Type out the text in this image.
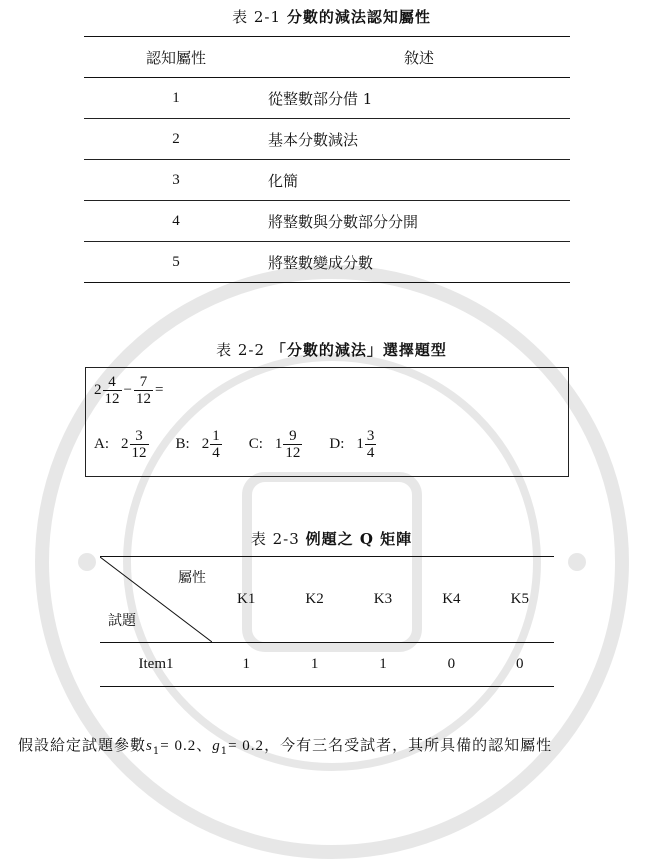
表 2-1 分數的減法認知屬性
認知屬性	敘述
1	從整數部分借 1
2	基本分數減法
3	化簡
4	將整數與分數部分分開
5	將整數變成分數
表 2-2 「分數的減法」選擇題型
$2 \frac{4}{12} - \frac{7}{12}$ =
A: $2 \frac{3}{12} B$: $2 \frac{1}{4} C$: $1 \frac{9}{12} D$: $1 \frac{3}{4}$
表 2-3 例題之 Q 矩陣
屬性
試題	K1	K2	K3	K4	K5
Item1	1	1	1	0	0
假設給定試題參數$s_1= 0.2$、$g_1= 0.2$，今有三名受試者，其所具備的認知屬性
